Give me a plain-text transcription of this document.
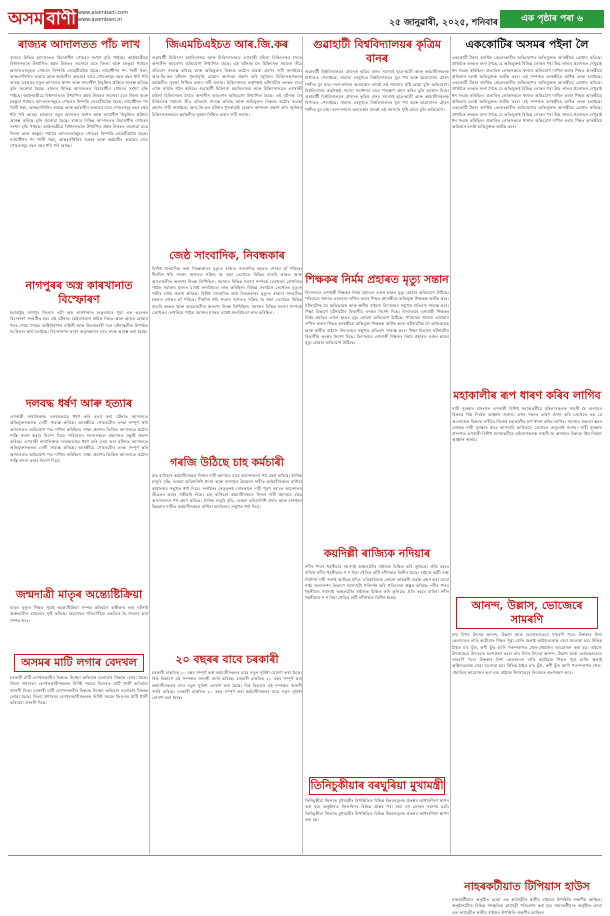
অসম বাণী www.asombani.com
www.asombani.in	২৫ জানুৱাৰী, ২০২৫, শনিবাৰ	এক পৃষ্ঠাৰ পৰা ৬
ৰাজ্যৰ আদালতত পাঁচ লাখ
ৰাজ্যৰ বিভিন্ন আদালতত বিচাৰাধীন গোচৰৰ সংখ্যা বৃদ্ধি পাইছে। আইনমন্ত্ৰীয়ে বিধানসভাত উত্থাপিত প্ৰশ্নৰ উত্তৰত জনোৱা মতে জিলা আৰু মহকুমা পৰ্যায়ৰ আদালতসমূহত গোচৰৰ নিষ্পত্তি লেহেমীয়াকৈ হৈছে। ন্যায়াধীশৰ পদ খালী থকা, আন্তঃগাঁথনিৰ অভাৱ আৰু কৰ্মচাৰীৰ অভাৱৰ বাবে গোচৰসমূহ বছৰ বছৰ ধৰি পৰি আছে। চৰকাৰে নতুন আদালত স্থাপন আৰু ন্যায়াধীশ নিযুক্তিৰ প্ৰক্ৰিয়া আৰম্ভ কৰিছে বুলি জনোৱা হৈছে। ৰাজ্যৰ বিভিন্ন আদালতত বিচাৰাধীন গোচৰৰ সংখ্যা বৃদ্ধি পাইছে। আইনমন্ত্ৰীয়ে বিধানসভাত উত্থাপিত প্ৰশ্নৰ উত্তৰত জনোৱা মতে জিলা আৰু মহকুমা পৰ্যায়ৰ আদালতসমূহত গোচৰৰ নিষ্পত্তি লেহেমীয়াকৈ হৈছে। ন্যায়াধীশৰ পদ খালী থকা, আন্তঃগাঁথনিৰ অভাৱ আৰু কৰ্মচাৰীৰ অভাৱৰ বাবে গোচৰসমূহ বছৰ বছৰ ধৰি পৰি আছে। চৰকাৰে নতুন আদালত স্থাপন আৰু ন্যায়াধীশ নিযুক্তিৰ প্ৰক্ৰিয়া আৰম্ভ কৰিছে বুলি জনোৱা হৈছে। ৰাজ্যৰ বিভিন্ন আদালতত বিচাৰাধীন গোচৰৰ সংখ্যা বৃদ্ধি পাইছে। আইনমন্ত্ৰীয়ে বিধানসভাত উত্থাপিত প্ৰশ্নৰ উত্তৰত জনোৱা মতে জিলা আৰু মহকুমা পৰ্যায়ৰ আদালতসমূহত গোচৰৰ নিষ্পত্তি লেহেমীয়াকৈ হৈছে। ন্যায়াধীশৰ পদ খালী থকা, আন্তঃগাঁথনিৰ অভাৱ আৰু কৰ্মচাৰীৰ অভাৱৰ বাবে গোচৰসমূহ বছৰ বছৰ ধৰি পৰি আছে।
নাগপুৰৰ অস্ত্ৰ কাৰখানাত বিস্ফোৰণ
মহাৰাষ্ট্ৰৰ নাগপুৰ জিলাৰ এটা অস্ত্ৰ কাৰখানাত শুকুৰবাৰে পুৱা এক ভয়ংকৰ বিস্ফোৰণ সংঘটিত হয়। এই ঘটনাত কেইবাজনো শ্ৰমিক নিহত আৰু আহত হোৱাৰ খবৰ পোৱা গৈছে। অগ্নিনিৰ্বাপক বাহিনী আৰু উদ্ধাৰকাৰী দলে ঘটনাস্থলীত উপস্থিত হৈ উদ্ধাৰ কাৰ্য চলাইছে। বিস্ফোৰণৰ কাৰণ অনুসন্ধানৰ বাবে তদন্ত আৰম্ভ কৰা হৈছে।
দলবদ্ধ ধৰ্ষণ আৰু হত্যাৰ
এগৰাকী নাবালিকাক দলবদ্ধভাৱে ধৰ্ষণ কৰি হত্যা কৰা ঘটনাত আদালতে অভিযুক্তসকলক দোষী সাব্যস্ত কৰিছে। আৰক্ষীয়ে গোচৰটোৰ তদন্ত সম্পূৰ্ণ কৰি আদালতত অভিযোগ পত্ৰ দাখিল কৰিছিল। সাক্ষ্য প্ৰমাণৰ ভিত্তিত আদালতে কঠোৰ শাস্তি প্ৰদান কৰাৰ নিৰ্দেশ দিয়ে। পৰিয়ালৰ সদস্যসকলে ৰায়দানত সন্তুষ্টি প্ৰকাশ কৰিছে। এগৰাকী নাবালিকাক দলবদ্ধভাৱে ধৰ্ষণ কৰি হত্যা কৰা ঘটনাত আদালতে অভিযুক্তসকলক দোষী সাব্যস্ত কৰিছে। আৰক্ষীয়ে গোচৰটোৰ তদন্ত সম্পূৰ্ণ কৰি আদালতত অভিযোগ পত্ৰ দাখিল কৰিছিল। সাক্ষ্য প্ৰমাণৰ ভিত্তিত আদালতে কঠোৰ শাস্তি প্ৰদান কৰাৰ নিৰ্দেশ দিয়ে।
জন্মদাত্ৰী মাতৃৰ অন্ত্যেষ্টিক্ৰিয়া
মাতৃৰ মৃত্যুৰ পিছত পুত্ৰই অন্ত্যেষ্টিক্ৰিয়া সম্পন্ন কৰিবলৈ অস্বীকাৰ কৰা ঘটনাই অঞ্চলটোত চাঞ্চল্যৰ সৃষ্টি কৰিছে। অৱশেষত গাঁওবাসীয়ে একত্ৰিত হৈ সৎকাৰ কাৰ্য সম্পন্ন কৰে।
অসমৰ মাটি লগাৰ বেদখল
চৰকাৰী মাটি বেদখলকাৰীৰ বিৰুদ্ধে উচ্ছেদ অভিযান চলোৱাৰ সিদ্ধান্ত লোৱা হৈছে। জিলা প্ৰশাসনে বেদখলকাৰীসকলক নিৰ্দিষ্ট সময়ৰ ভিতৰত মাটি খালী কৰিবলৈ জাননী দিছে। চৰকাৰী মাটি বেদখলকাৰীৰ বিৰুদ্ধে উচ্ছেদ অভিযান চলোৱাৰ সিদ্ধান্ত লোৱা হৈছে। জিলা প্ৰশাসনে বেদখলকাৰীসকলক নিৰ্দিষ্ট সময়ৰ ভিতৰত মাটি খালী কৰিবলৈ জাননী দিছে।
জিএমচিএইচত আৰ.জি.কৰ
গুৱাহাটী চিকিৎসা মহাবিদ্যালয় আৰু চিকিৎসালয়ত এগৰাকী মহিলা চিকিৎসকৰ সৈতে অশালীন আচৰণৰ অভিযোগ উত্থাপিত হৈছে। এই ঘটনাক লৈ চিকিৎসক সমাজে তীব্ৰ প্ৰতিবাদ সাব্যস্ত কৰিছে আৰু অভিযুক্তৰ বিৰুদ্ধে কঠোৰ ব্যৱস্থা গ্ৰহণৰ দাবী জনাইছে। আৰ.জি.কৰ ঘটনাৰ পুনৰাবৃত্তি হোৱাৰ আশংকা প্ৰকাশ কৰি জুনিয়ৰ চিকিৎসকসকলে কৰ্মস্থলীত সুৰক্ষা নিশ্চিত কৰাৰ দাবী জনায়। চিকিৎসালয় কৰ্তৃপক্ষই ঘটনাটোৰ তদন্তৰ বাবে এখন সমিতি গঠন কৰিছে। গুৱাহাটী চিকিৎসা মহাবিদ্যালয় আৰু চিকিৎসালয়ত এগৰাকী মহিলা চিকিৎসকৰ সৈতে অশালীন আচৰণৰ অভিযোগ উত্থাপিত হৈছে। এই ঘটনাক লৈ চিকিৎসক সমাজে তীব্ৰ প্ৰতিবাদ সাব্যস্ত কৰিছে আৰু অভিযুক্তৰ বিৰুদ্ধে কঠোৰ ব্যৱস্থা গ্ৰহণৰ দাবী জনাইছে। আৰ.জি.কৰ ঘটনাৰ পুনৰাবৃত্তি হোৱাৰ আশংকা প্ৰকাশ কৰি জুনিয়ৰ চিকিৎসকসকলে কৰ্মস্থলীত সুৰক্ষা নিশ্চিত কৰাৰ দাবী জনায়।
জেষ্ঠ সাংবাদিক, নিবন্ধকাৰ
বিশিষ্ট সাংবাদিক তথা নিবন্ধকাৰৰ মৃত্যুত ৰাজ্যৰ সাংবাদিক মহলত শোকৰ ছাঁ পৰিছে। দীৰ্ঘদিন ধৰি সংবাদ জগতত সক্ৰিয় হৈ থকা তেখেতে বিভিন্ন বাতৰি কাকত আৰু আলোচনীত অসংখ্য নিবন্ধ লিখিছিল। সমাজৰ বিভিন্ন সমস্যা সম্পৰ্কে তেখেতৰ লেখনিয়ে পাঠক সমাজৰ মাজত যথেষ্ট জনপ্ৰিয়তা লাভ কৰিছিল। বিভিন্ন সংগঠনে তেখেতৰ মৃত্যুত গভীৰ শোক প্ৰকাশ কৰিছে। বিশিষ্ট সাংবাদিক তথা নিবন্ধকাৰৰ মৃত্যুত ৰাজ্যৰ সাংবাদিক মহলত শোকৰ ছাঁ পৰিছে। দীৰ্ঘদিন ধৰি সংবাদ জগতত সক্ৰিয় হৈ থকা তেখেতে বিভিন্ন বাতৰি কাকত আৰু আলোচনীত অসংখ্য নিবন্ধ লিখিছিল। সমাজৰ বিভিন্ন সমস্যা সম্পৰ্কে তেখেতৰ লেখনিয়ে পাঠক সমাজৰ মাজত যথেষ্ট জনপ্ৰিয়তা লাভ কৰিছিল।
গৰজি উঠিছে চাহ কৰ্মচাৰী
চাহ বাগিচাৰ কৰ্মচাৰীসকলে নিজৰ দাবী আদায়ৰ বাবে আন্দোলনৰ পথ গ্ৰহণ কৰিছে। দৈনিক মজুৰি বৃদ্ধি, বকেয়া ভবিষ্যনিধি প্ৰদান আৰু বাসগৃহৰ উন্নয়নৰ দাবীত কৰ্মচাৰীসকলে বাগিচা কাৰ্যালয়ৰ সন্মুখত ধৰ্ণা দিয়ে। সংগঠনৰ নেতৃবৃন্দই সোনকালে দাবী পূৰণ নহ'লে আন্দোলন তীব্ৰতৰ কৰাৰ সকীয়নি দিয়ে। চাহ বাগিচাৰ কৰ্মচাৰীসকলে নিজৰ দাবী আদায়ৰ বাবে আন্দোলনৰ পথ গ্ৰহণ কৰিছে। দৈনিক মজুৰি বৃদ্ধি, বকেয়া ভবিষ্যনিধি প্ৰদান আৰু বাসগৃহৰ উন্নয়নৰ দাবীত কৰ্মচাৰীসকলে বাগিচা কাৰ্যালয়ৰ সন্মুখত ধৰ্ণা দিয়ে।
২০ বছৰৰ বাবে চৰকাৰী
চৰকাৰী চাকৰিত ২০ বছৰ সম্পূৰ্ণ কৰা কৰ্মচাৰীসকলৰ বাবে নতুন সুবিধা ঘোষণা কৰা হৈছে। বিত্ত বিভাগে এই সম্পৰ্কত জাননী জাৰি কৰিছে। চৰকাৰী চাকৰিত ২০ বছৰ সম্পূৰ্ণ কৰা কৰ্মচাৰীসকলৰ বাবে নতুন সুবিধা ঘোষণা কৰা হৈছে। বিত্ত বিভাগে এই সম্পৰ্কত জাননী জাৰি কৰিছে। চৰকাৰী চাকৰিত ২০ বছৰ সম্পূৰ্ণ কৰা কৰ্মচাৰীসকলৰ বাবে নতুন সুবিধা ঘোষণা কৰা হৈছে।
গুৱাহাটী বিশ্ববিদ্যালয়ৰ কৃত্ৰিম বানৰ
গুৱাহাটী বিশ্ববিদ্যালয়ৰ চৌহদত কৃত্ৰিম বানৰ সমস্যাই ছাত্ৰ-ছাত্ৰী আৰু কৰ্মচাৰীসকলক বিপাঙত পেলাইছে। সামান্য বৰষুণতে বিশ্ববিদ্যালয়ৰ মূল পথ আৰু ছাত্ৰাবাসৰ চৌহদ পানীত বুৰ যায়। নলা-নৰ্দমাৰ অব্যৱস্থাৰ বাবেই এই সমস্যাৰ সৃষ্টি হোৱা বুলি অভিযোগ। বিশ্ববিদ্যালয় কৰ্তৃপক্ষই সমস্যা সমাধানৰ বাবে পদক্ষেপ গ্ৰহণ কৰিব বুলি আশ্বাস দিছে। গুৱাহাটী বিশ্ববিদ্যালয়ৰ চৌহদত কৃত্ৰিম বানৰ সমস্যাই ছাত্ৰ-ছাত্ৰী আৰু কৰ্মচাৰীসকলক বিপাঙত পেলাইছে। সামান্য বৰষুণতে বিশ্ববিদ্যালয়ৰ মূল পথ আৰু ছাত্ৰাবাসৰ চৌহদ পানীত বুৰ যায়। নলা-নৰ্দমাৰ অব্যৱস্থাৰ বাবেই এই সমস্যাৰ সৃষ্টি হোৱা বুলি অভিযোগ।
শিক্ষকৰ নিৰ্মম প্ৰহাৰত মৃত্যু সন্তান
বিদ্যালয়ৰ এগৰাকী শিক্ষকৰ নিৰ্মম প্ৰহাৰত এজন ছাত্ৰৰ মৃত্যু হোৱাৰ অভিযোগ উঠিছে। পৰিয়ালে থানাত এজাহাৰ দাখিল কৰাৰ পিছত আৰক্ষীয়ে অভিযুক্ত শিক্ষকক আটক কৰে। ঘটনাটোক লৈ অভিভাৱক আৰু স্থানীয় ৰাইজে বিদ্যালয়ৰ সন্মুখত প্ৰতিবাদ সাব্যস্ত কৰে। শিক্ষা বিভাগে ঘটনাটোৰ বিভাগীয় তদন্তৰ নিৰ্দেশ দিছে। বিদ্যালয়ৰ এগৰাকী শিক্ষকৰ নিৰ্মম প্ৰহাৰত এজন ছাত্ৰৰ মৃত্যু হোৱাৰ অভিযোগ উঠিছে। পৰিয়ালে থানাত এজাহাৰ দাখিল কৰাৰ পিছত আৰক্ষীয়ে অভিযুক্ত শিক্ষকক আটক কৰে। ঘটনাটোক লৈ অভিভাৱক আৰু স্থানীয় ৰাইজে বিদ্যালয়ৰ সন্মুখত প্ৰতিবাদ সাব্যস্ত কৰে। শিক্ষা বিভাগে ঘটনাটোৰ বিভাগীয় তদন্তৰ নিৰ্দেশ দিছে। বিদ্যালয়ৰ এগৰাকী শিক্ষকৰ নিৰ্মম প্ৰহাৰত এজন ছাত্ৰৰ মৃত্যু হোৱাৰ অভিযোগ উঠিছে।
কয়দিল্লী ৰাজ্যিক নদিয়াৰ
নদীৰ পাৰৰ খহনীয়াৰ সমস্যাই অঞ্চলটোৰ ৰাইজক চিন্তিত কৰি তুলিছে। প্ৰতি বছৰে বাৰিষা নদীৰ খহনীয়াত শ শ বিঘা খেতিৰ মাটি নদীগৰ্ভত বিলীন হৈছে। ৰাইজে স্থায়ী বান্ধ নিৰ্মাণৰ দাবী জনাই আহিছে যদিও এতিয়ালৈকে কোনো কাৰ্যকৰী ব্যৱস্থা গ্ৰহণ কৰা হোৱা নাই। জলসম্পদ বিভাগে সমস্যাটো পৰিদৰ্শন কৰি প্ৰতিবেদন প্ৰস্তুত কৰিছে। নদীৰ পাৰৰ খহনীয়াৰ সমস্যাই অঞ্চলটোৰ ৰাইজক চিন্তিত কৰি তুলিছে। প্ৰতি বছৰে বাৰিষা নদীৰ খহনীয়াত শ শ বিঘা খেতিৰ মাটি নদীগৰ্ভত বিলীন হৈছে।
তিনিচুকীয়াৰ বৰঘুৰিয়া মুখামন্ত্ৰী
তিনিচুকীয়া জিলাত মুখ্যমন্ত্ৰীৰ উপস্থিতিত বিভিন্ন উন্নয়নমূলক প্ৰকল্পৰ আধাৰশিলা স্থাপন কৰা হয়। অনুষ্ঠানত জিলাখনৰ বিভিন্ন প্ৰান্তৰ পৰা অহা বহু লোকৰ সমাগম ঘটে। তিনিচুকীয়া জিলাত মুখ্যমন্ত্ৰীৰ উপস্থিতিত বিভিন্ন উন্নয়নমূলক প্ৰকল্পৰ আধাৰশিলা স্থাপন কৰা হয়।
এককোটিৰ অসমৰ পইনা লৈ
এককোটি টকাৰ আৰ্থিক কেলেংকাৰীৰ অভিযোগত অভিযুক্তক আৰক্ষীয়ে গ্ৰেপ্তাৰ কৰিছে। প্ৰাথমিক তদন্তত জনা গৈছে যে অভিযুক্তই বিভিন্ন লোকৰ পৰা উচ্চ লাভৰ প্ৰলোভন দেখুৱাই ধন সংগ্ৰহ কৰিছিল। প্ৰতাৰিত লোকসকলে থানাত অভিযোগ দাখিল কৰাৰ পিছত আৰক্ষীয়ে অভিযান চলাই অভিযুক্তক আটক কৰে। এই সম্পৰ্কত আৰক্ষীয়ে অধিক তদন্ত চলাইছে। এককোটি টকাৰ আৰ্থিক কেলেংকাৰীৰ অভিযোগত অভিযুক্তক আৰক্ষীয়ে গ্ৰেপ্তাৰ কৰিছে। প্ৰাথমিক তদন্তত জনা গৈছে যে অভিযুক্তই বিভিন্ন লোকৰ পৰা উচ্চ লাভৰ প্ৰলোভন দেখুৱাই ধন সংগ্ৰহ কৰিছিল। প্ৰতাৰিত লোকসকলে থানাত অভিযোগ দাখিল কৰাৰ পিছত আৰক্ষীয়ে অভিযান চলাই অভিযুক্তক আটক কৰে। এই সম্পৰ্কত আৰক্ষীয়ে অধিক তদন্ত চলাইছে। এককোটি টকাৰ আৰ্থিক কেলেংকাৰীৰ অভিযোগত অভিযুক্তক আৰক্ষীয়ে গ্ৰেপ্তাৰ কৰিছে। প্ৰাথমিক তদন্তত জনা গৈছে যে অভিযুক্তই বিভিন্ন লোকৰ পৰা উচ্চ লাভৰ প্ৰলোভন দেখুৱাই ধন সংগ্ৰহ কৰিছিল। প্ৰতাৰিত লোকসকলে থানাত অভিযোগ দাখিল কৰাৰ পিছত আৰক্ষীয়ে অভিযান চলাই অভিযুক্তক আটক কৰে।
মহাকালীৰ ৰূপ ধাৰণ কৰিব লাগিব
নাৰী সুৰক্ষাৰ প্ৰসংগত এগৰাকী বিশিষ্ট সমাজকৰ্মীয়ে মহিলাসকলক সাহসী হৈ অন্যায়ৰ বিৰুদ্ধে থিয় দিবলৈ আহ্বান জনায়। এখন সভাত ভাষণ প্ৰদান কৰি তেখেতে কয় যে অত্যাচাৰৰ বিৰুদ্ধে নাৰীয়ে নিজেই মহাকালীৰ ৰূপ ধাৰণ কৰিব লাগিব। সমাজৰ সকলো স্তৰৰ লোকক নাৰী সুৰক্ষাৰ বাবে আগবাঢ়ি আহিবলৈ তেখেতে অনুৰোধ জনায়। নাৰী সুৰক্ষাৰ প্ৰসংগত এগৰাকী বিশিষ্ট সমাজকৰ্মীয়ে মহিলাসকলক সাহসী হৈ অন্যায়ৰ বিৰুদ্ধে থিয় দিবলৈ আহ্বান জনায়।
আনন্দ, উল্লাস, ভোজেৰে সামৰণি
মাঘ বিহুৰ উৎসৱ আনন্দ, উল্লাস আৰু ভোজভাতেৰে সামৰণি পৰে। উৰুকাৰ নিশা ভেলাঘৰত ৰাতি কটোৱাৰ পিছত পুৱা মেজি জ্বলাই অগ্নিদেৱতাক সেৱা জনোৱা হয়। বিভিন্ন ঠাইত ম'হ যুঁজ, কণী যুঁজ আদি পৰম্পৰাগত খেল-ধেমালিৰ আয়োজন কৰা হয়। ৰাইজে উৎসাহেৰে উৎসৱত অংশগ্ৰহণ কৰে। মাঘ বিহুৰ উৎসৱ আনন্দ, উল্লাস আৰু ভোজভাতেৰে সামৰণি পৰে। উৰুকাৰ নিশা ভেলাঘৰত ৰাতি কটোৱাৰ পিছত পুৱা মেজি জ্বলাই অগ্নিদেৱতাক সেৱা জনোৱা হয়। বিভিন্ন ঠাইত ম'হ যুঁজ, কণী যুঁজ আদি পৰম্পৰাগত খেল-ধেমালিৰ আয়োজন কৰা হয়। ৰাইজে উৎসাহেৰে উৎসৱত অংশগ্ৰহণ কৰে।
নাহৰকটীয়াত টিপিয়াস হাউস
নাহৰকটীয়াত অনুষ্ঠিত হোৱা এক কাৰ্যসূচীত স্থানীয় ৰাইজৰ উপস্থিতি লক্ষণীয় আছিল। অনুষ্ঠানটোত বিভিন্ন সাংস্কৃতিক কাৰ্যসূচী পৰিৱেশন কৰা হয়। নাহৰকটীয়াত অনুষ্ঠিত হোৱা এক কাৰ্যসূচীত স্থানীয় ৰাইজৰ উপস্থিতি লক্ষণীয় আছিল।
